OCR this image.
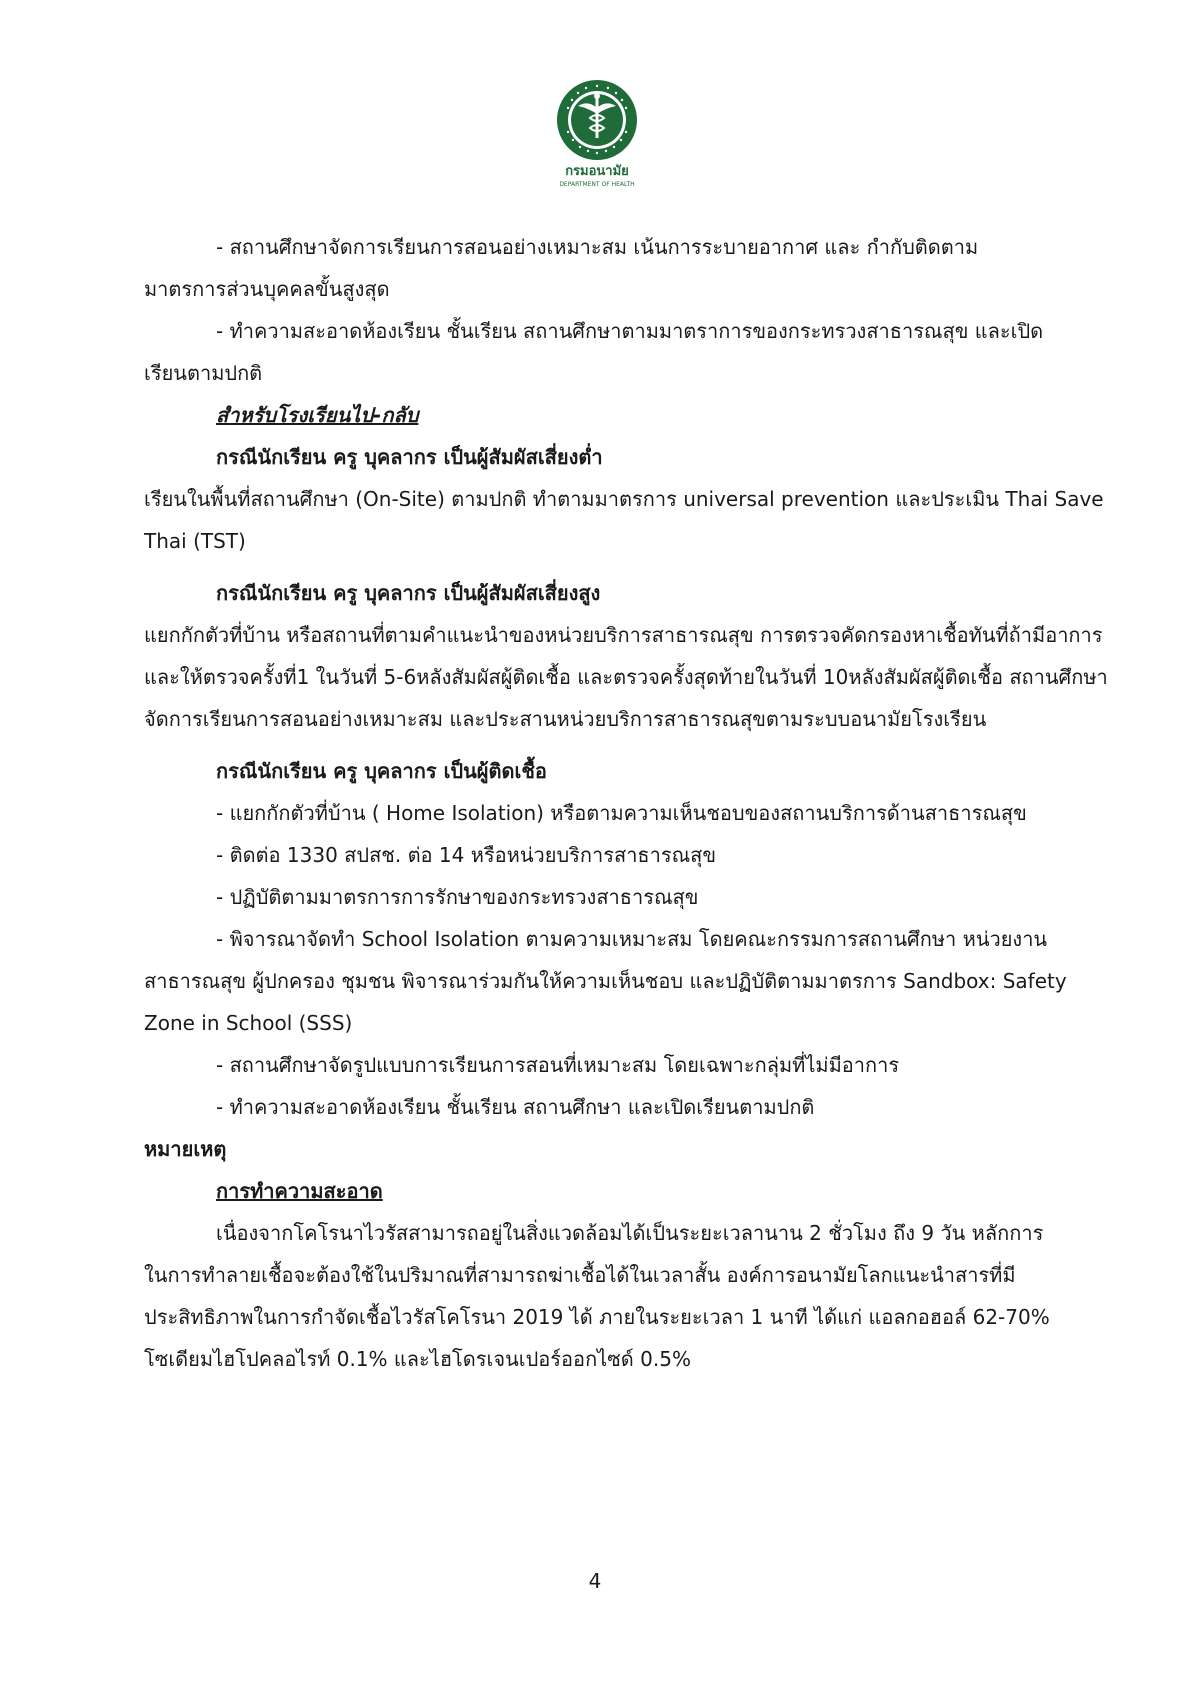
กรมอนามัย
DEPARTMENT OF HEALTH

- สถานศึกษาจัดการเรียนการสอนอย่างเหมาะสม เน้นการระบายอากาศ และ กำกับติดตาม

มาตรการส่วนบุคคลขั้นสูงสุด

- ทำความสะอาดห้องเรียน ชั้นเรียน สถานศึกษาตามมาตราการของกระทรวงสาธารณสุข และเปิด

เรียนตามปกติ

สำหรับโรงเรียนไป-กลับ

กรณีนักเรียน ครู บุคลากร เป็นผู้สัมผัสเสี่ยงต่ำ

เรียนในพื้นที่สถานศึกษา (On-Site) ตามปกติ ทำตามมาตรการ universal prevention และประเมิน Thai Save

Thai (TST)

กรณีนักเรียน ครู บุคลากร เป็นผู้สัมผัสเสี่ยงสูง

แยกกักตัวที่บ้าน หรือสถานที่ตามคำแนะนำของหน่วยบริการสาธารณสุข การตรวจคัดกรองหาเชื้อทันที่ถ้ามีอาการ

และให้ตรวจครั้งที่1 ในวันที่ 5-6หลังสัมผัสผู้ติดเชื้อ และตรวจครั้งสุดท้ายในวันที่ 10หลังสัมผัสผู้ติดเชื้อ สถานศึกษา

จัดการเรียนการสอนอย่างเหมาะสม และประสานหน่วยบริการสาธารณสุขตามระบบอนามัยโรงเรียน

กรณีนักเรียน ครู บุคลากร เป็นผู้ติดเชื้อ

- แยกกักตัวที่บ้าน ( Home Isolation) หรือตามความเห็นชอบของสถานบริการด้านสาธารณสุข

- ติดต่อ 1330 สปสช. ต่อ 14 หรือหน่วยบริการสาธารณสุข

- ปฏิบัติตามมาตรการการรักษาของกระทรวงสาธารณสุข

- พิจารณาจัดทำ School Isolation ตามความเหมาะสม โดยคณะกรรมการสถานศึกษา หน่วยงาน

สาธารณสุข ผู้ปกครอง ชุมชน พิจารณาร่วมกันให้ความเห็นชอบ และปฏิบัติตามมาตรการ Sandbox: Safety

Zone in School (SSS)

- สถานศึกษาจัดรูปแบบการเรียนการสอนที่เหมาะสม โดยเฉพาะกลุ่มที่ไม่มีอาการ

- ทำความสะอาดห้องเรียน ชั้นเรียน สถานศึกษา และเปิดเรียนตามปกติ

หมายเหตุ

การทำความสะอาด

เนื่องจากโคโรนาไวรัสสามารถอยู่ในสิ่งแวดล้อมได้เป็นระยะเวลานาน 2 ชั่วโมง ถึง 9 วัน หลักการ

ในการทำลายเชื้อจะต้องใช้ในปริมาณที่สามารถฆ่าเชื้อได้ในเวลาสั้น องค์การอนามัยโลกแนะนำสารที่มี

ประสิทธิภาพในการกำจัดเชื้อไวรัสโคโรนา 2019 ได้ ภายในระยะเวลา 1 นาที ได้แก่ แอลกอฮอล์ 62-70%

โซเดียมไฮโปคลอไรท์ 0.1% และไฮโดรเจนเปอร์ออกไซด์ 0.5%

4
